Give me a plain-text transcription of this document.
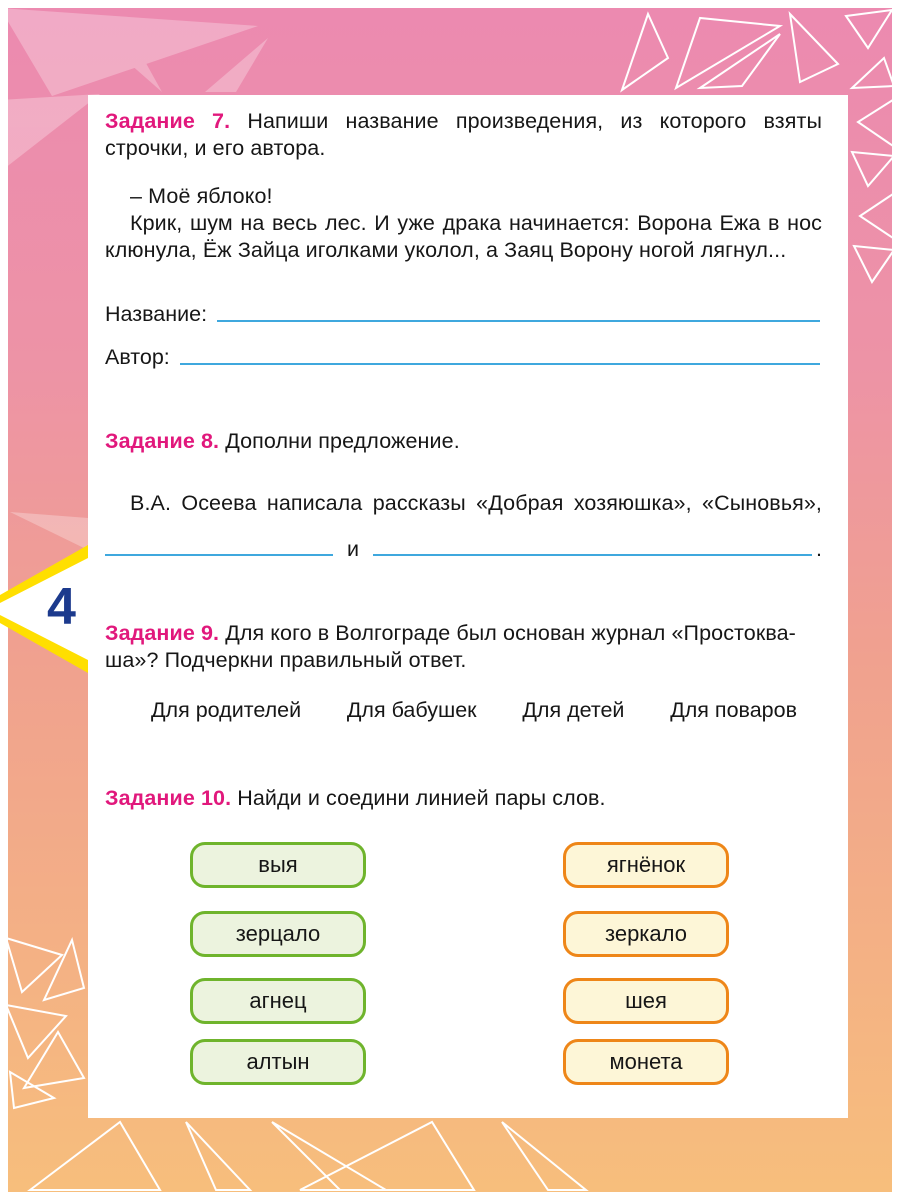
4

Задание 7. Напиши название произведения, из которого взяты строчки, и его автора.

– Моё яблоко!

Крик, шум на весь лес. И уже драка начинается: Ворона Ежа в нос клюнула, Ёж Зайца иголками уколол, а Заяц Ворону ногой лягнул...

Название:
Автор:

Задание 8. Дополни предложение.

В.А. Осеева написала рассказы «Добрая хозяюшка», «Сыновья»,

и	.

Задание 9. Для кого в Волгограде был основан журнал «Простоква-
ша»? Подчеркни правильный ответ.

Для родителей Для бабушек Для детей Для поваров

Задание 10. Найди и соедини линией пары слов.

выя
зерцало
агнец
алтын
ягнёнок
зеркало
шея
монета
